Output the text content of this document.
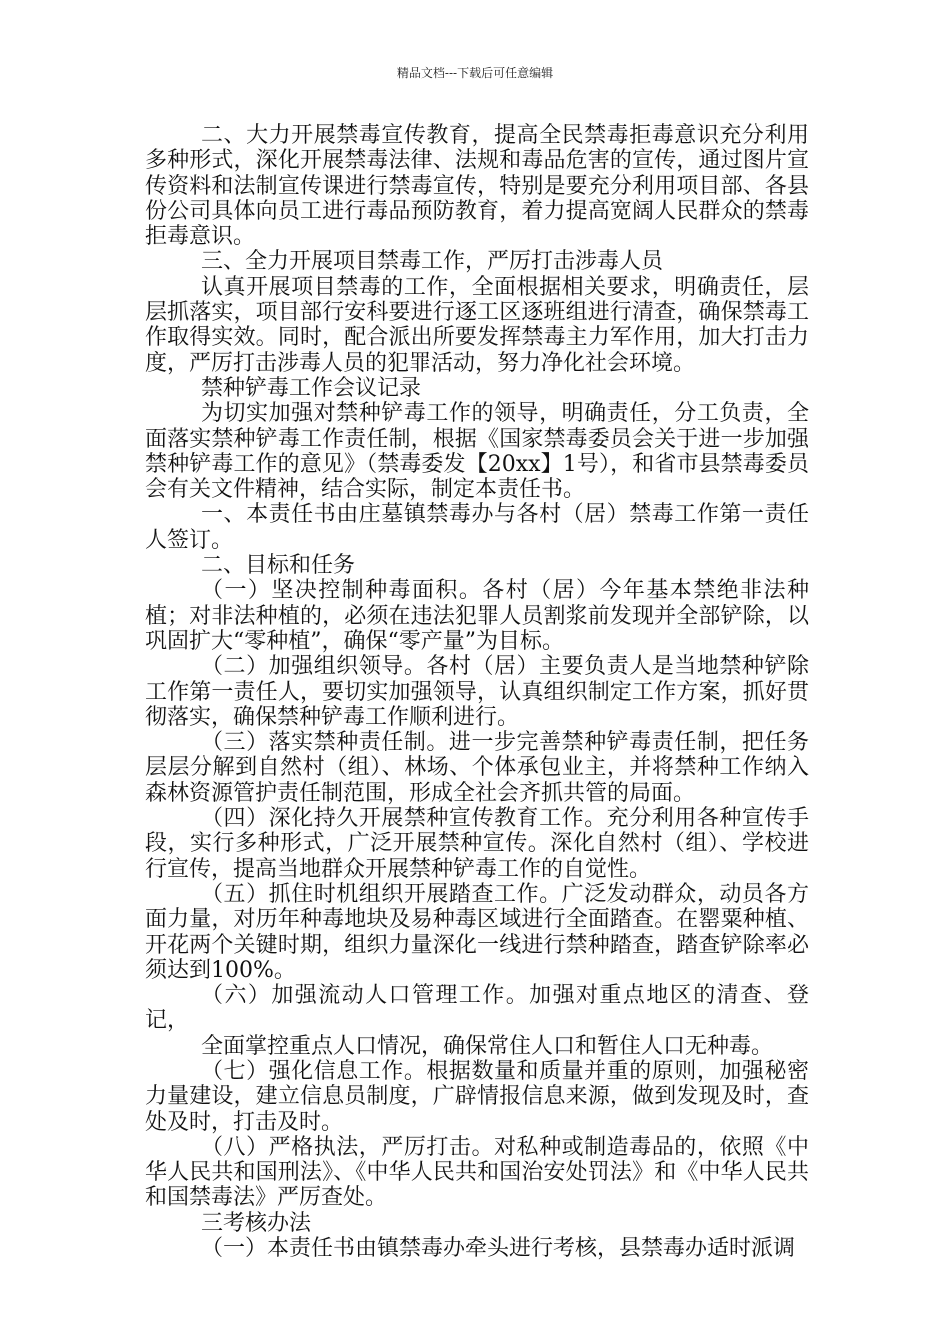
精品文档---下载后可任意编辑

二、大力开展禁毒宣传教育，提高全民禁毒拒毒意识充分利用多种形式，深化开展禁毒法律、法规和毒品危害的宣传，通过图片宣传资料和法制宣传课进行禁毒宣传，特别是要充分利用项目部、各县份公司具体向员工进行毒品预防教育，着力提高宽阔人民群众的禁毒拒毒意识。

三、全力开展项目禁毒工作，严厉打击涉毒人员

认真开展项目禁毒的工作，全面根据相关要求，明确责任，层层抓落实，项目部行安科要进行逐工区逐班组进行清查，确保禁毒工作取得实效。同时，配合派出所要发挥禁毒主力军作用，加大打击力度，严厉打击涉毒人员的犯罪活动，努力净化社会环境。

禁种铲毒工作会议记录

为切实加强对禁种铲毒工作的领导，明确责任，分工负责，全面落实禁种铲毒工作责任制，根据《国家禁毒委员会关于进一步加强禁种铲毒工作的意见》（禁毒委发【20xx】1号），和省市县禁毒委员会有关文件精神，结合实际，制定本责任书。

一、本责任书由庄墓镇禁毒办与各村（居）禁毒工作第一责任人签订。

二、目标和任务

（一）坚决控制种毒面积。各村（居）今年基本禁绝非法种植；对非法种植的，必须在违法犯罪人员割浆前发现并全部铲除，以巩固扩大“零种植”，确保“零产量”为目标。

（二）加强组织领导。各村（居）主要负责人是当地禁种铲除工作第一责任人，要切实加强领导，认真组织制定工作方案，抓好贯彻落实，确保禁种铲毒工作顺利进行。

（三）落实禁种责任制。进一步完善禁种铲毒责任制，把任务层层分解到自然村（组）、林场、个体承包业主，并将禁种工作纳入森林资源管护责任制范围，形成全社会齐抓共管的局面。

（四）深化持久开展禁种宣传教育工作。充分利用各种宣传手段，实行多种形式，广泛开展禁种宣传。深化自然村（组）、学校进行宣传，提高当地群众开展禁种铲毒工作的自觉性。

（五）抓住时机组织开展踏查工作。广泛发动群众，动员各方面力量，对历年种毒地块及易种毒区域进行全面踏查。在罂粟种植、开花两个关键时期，组织力量深化一线进行禁种踏查，踏查铲除率必须达到100%。

（六）加强流动人口管理工作。加强对重点地区的清查、登记，

全面掌控重点人口情况，确保常住人口和暂住人口无种毒。

（七）强化信息工作。根据数量和质量并重的原则，加强秘密力量建设，建立信息员制度，广辟情报信息来源，做到发现及时，查处及时，打击及时。

（八）严格执法，严厉打击。对私种或制造毒品的，依照《中华人民共和国刑法》、《中华人民共和国治安处罚法》和《中华人民共和国禁毒法》严厉查处。

三考核办法

（一）本责任书由镇禁毒办牵头进行考核，县禁毒办适时派调
